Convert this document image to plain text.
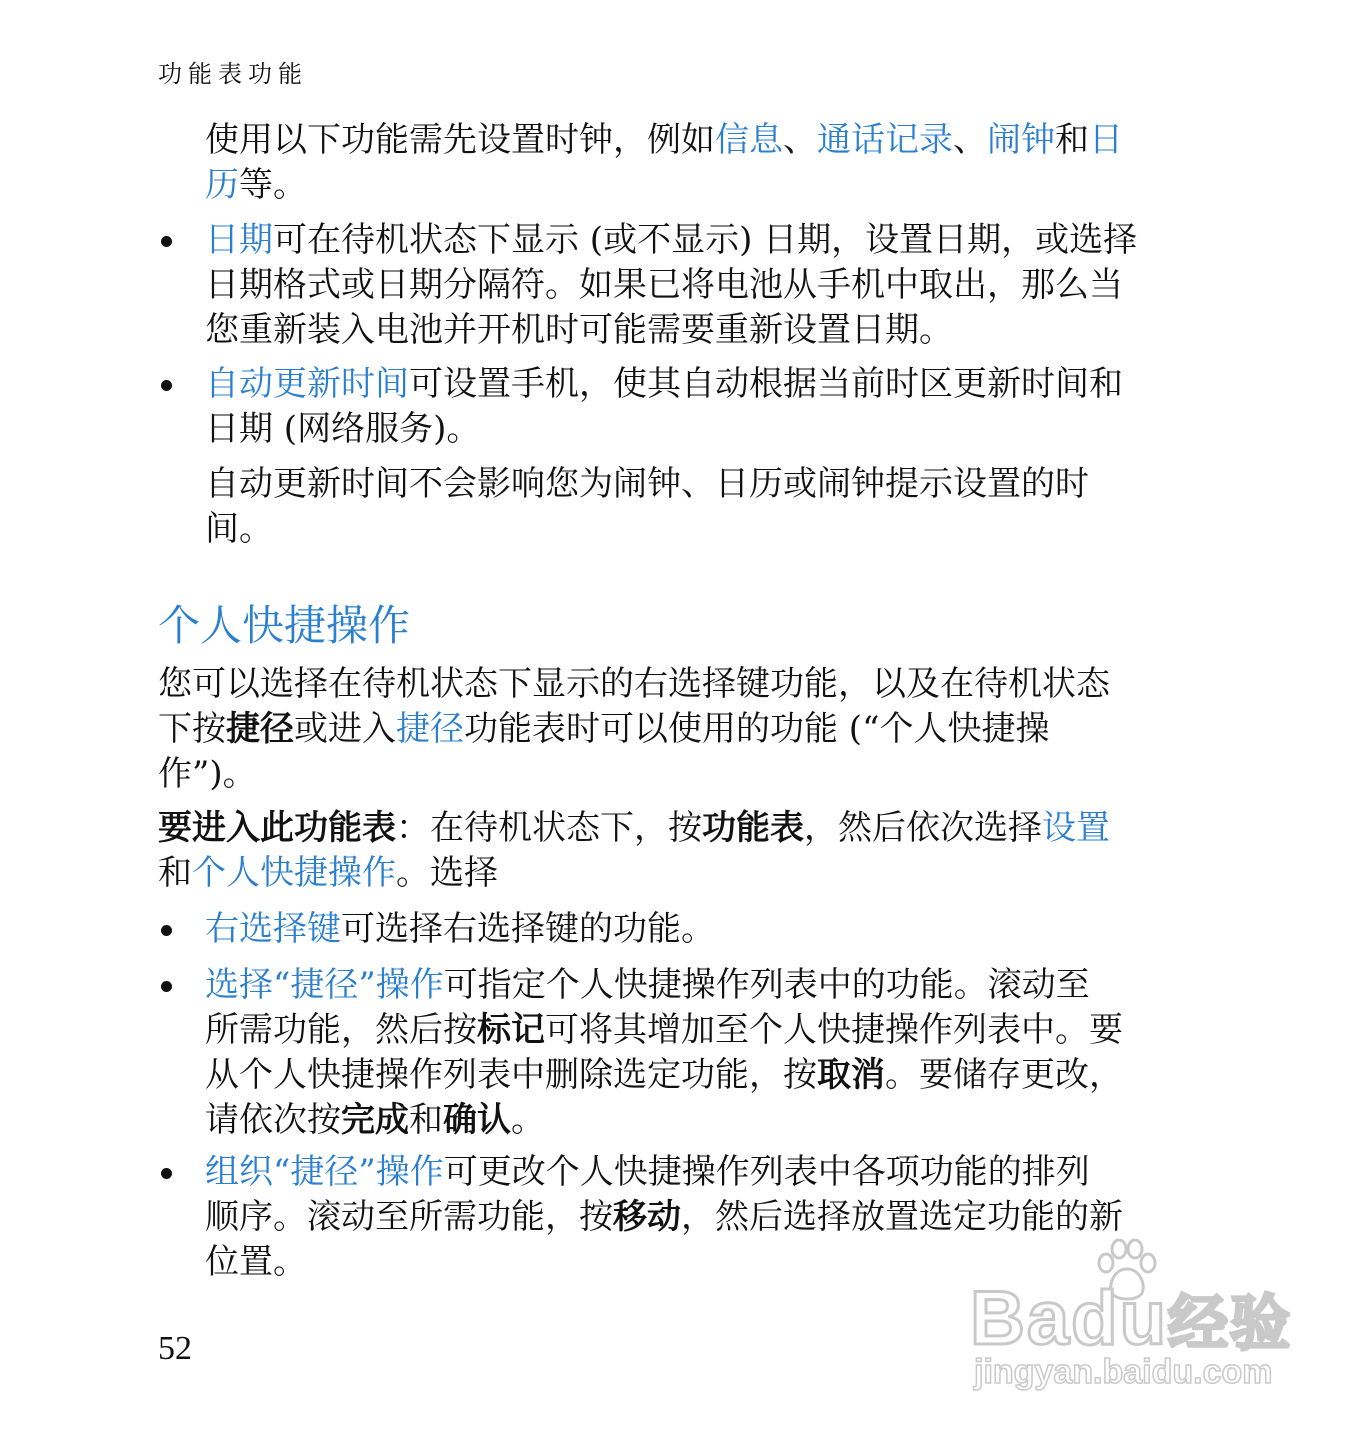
功能表功能

使用以下功能需先设置时钟，例如信息、通话记录、闹钟和日
历等。

日期可在待机状态下显示 (或不显示) 日期，设置日期，或选择
日期格式或日期分隔符。如果已将电池从手机中取出，那么当
您重新装入电池并开机时可能需要重新设置日期。

自动更新时间可设置手机，使其自动根据当前时区更新时间和
日期 (网络服务)。

自动更新时间不会影响您为闹钟、日历或闹钟提示设置的时
间。

个人快捷操作

您可以选择在待机状态下显示的右选择键功能，以及在待机状态
下按捷径或进入捷径功能表时可以使用的功能 (“个人快捷操
作”)。

要进入此功能表：在待机状态下，按功能表，然后依次选择设置
和个人快捷操作。选择

右选择键可选择右选择键的功能。

选择“捷径”操作可指定个人快捷操作列表中的功能。滚动至
所需功能，然后按标记可将其增加至个人快捷操作列表中。要
从个人快捷操作列表中删除选定功能，按取消。要储存更改，
请依次按完成和确认。

组织“捷径”操作可更改个人快捷操作列表中各项功能的排列
顺序。滚动至所需功能，按移动，然后选择放置选定功能的新
位置。

52	Badu经验
jingyan.baidu.com
